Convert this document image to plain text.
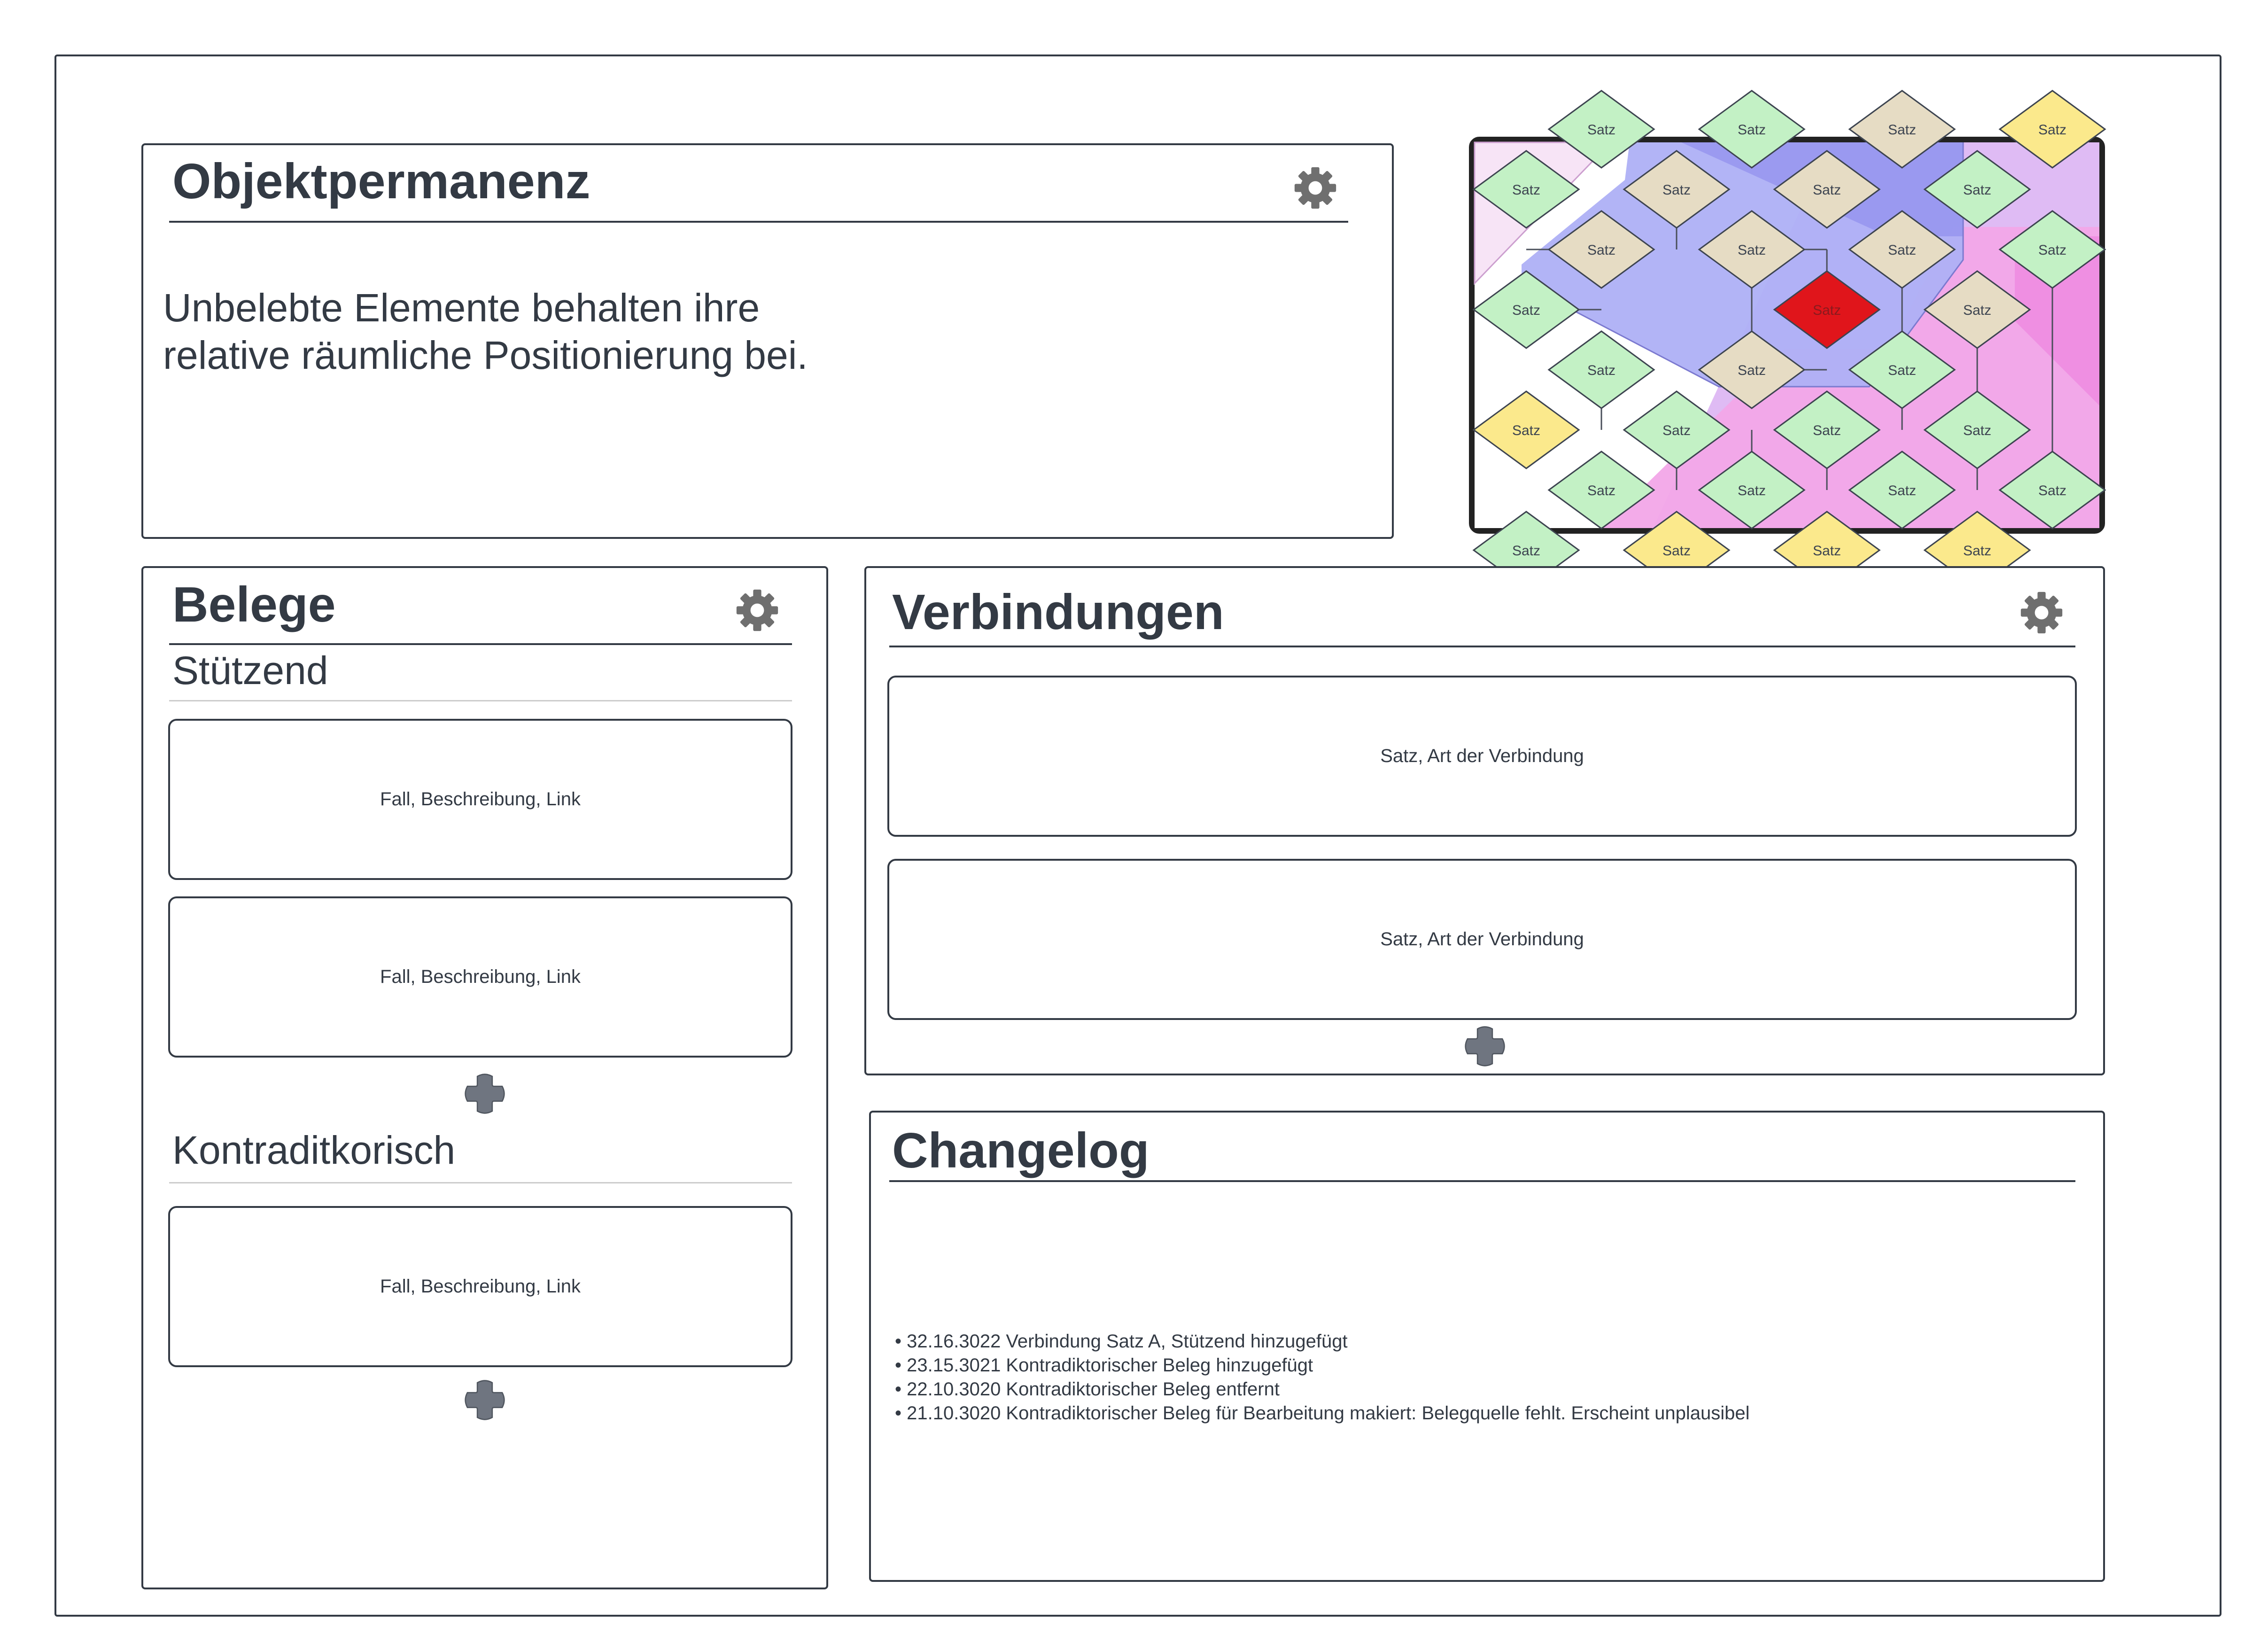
Objektpermanenz
Unbelebte Elemente behalten ihre
relative räumliche Positionierung bei.
Satz	Satz	Satz	Satz
Satz	Satz	Satz	Satz
Satz	Satz	Satz
Satz	Satz	Satz
Satz	Satz	Satz	Satz
Satz	Satz	Satz	Satz
Satz	Satz	Satz	Satz
Satz	Satz	Satz	Satz
Belege
Stützend
Fall, Beschreibung, Link
Fall, Beschreibung, Link
Kontraditkorisch
Fall, Beschreibung, Link
Verbindungen
Satz, Art der Verbindung
Satz, Art der Verbindung
Changelog
• 32.16.3022 Verbindung Satz A, Stützend hinzugefügt
• 23.15.3021 Kontradiktorischer Beleg hinzugefügt
• 22.10.3020 Kontradiktorischer Beleg entfernt
• 21.10.3020 Kontradiktorischer Beleg für Bearbeitung makiert: Belegquelle fehlt. Erscheint unplausibel
